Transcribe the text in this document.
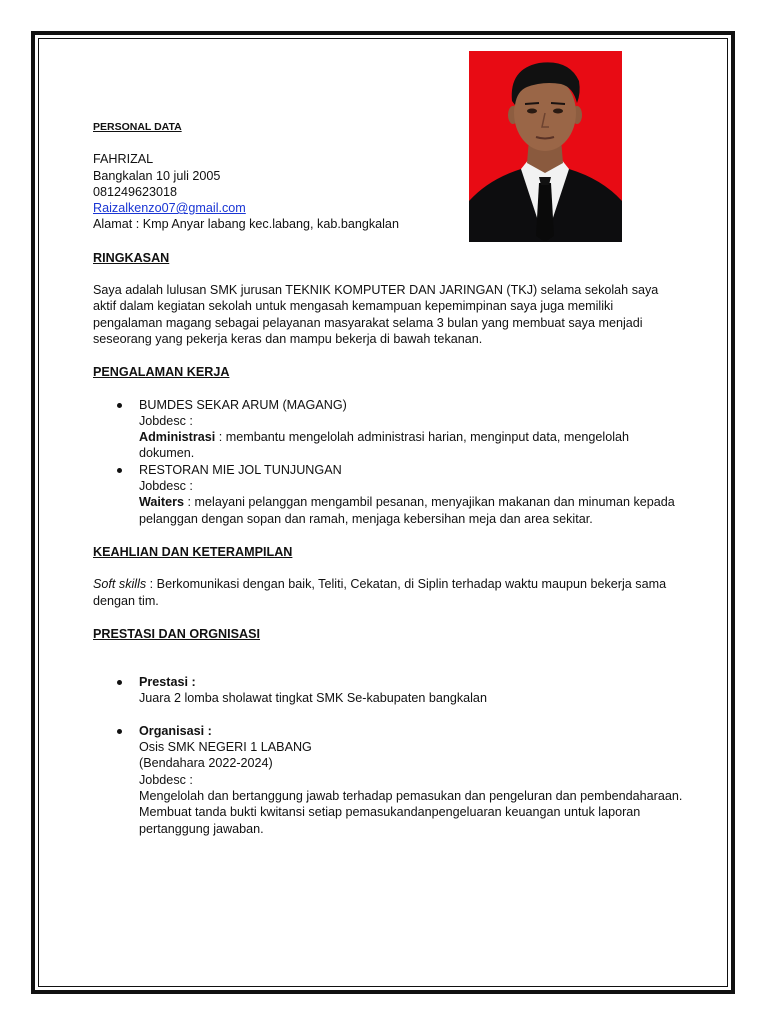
PERSONAL DATA
FAHRIZAL
Bangkalan 10 juli 2005
081249623018
Raizalkenzo07@gmail.com
Alamat : Kmp Anyar labang kec.labang, kab.bangkalan
RINGKASAN

Saya adalah lulusan SMK jurusan TEKNIK KOMPUTER DAN JARINGAN (TKJ) selama sekolah saya aktif dalam kegiatan sekolah untuk mengasah kemampuan kepemimpinan saya juga memiliki pengalaman magang sebagai pelayanan masyarakat selama 3 bulan yang membuat saya menjadi seseorang yang pekerja keras dan mampu bekerja di bawah tekanan.

PENGALAMAN KERJA
BUMDES SEKAR ARUM (MAGANG)
Jobdesc :
Administrasi : membantu mengelolah administrasi harian, menginput data, mengelolah dokumen.
RESTORAN MIE JOL TUNJUNGAN
Jobdesc :
Waiters : melayani pelanggan mengambil pesanan, menyajikan makanan dan minuman kepada pelanggan dengan sopan dan ramah, menjaga kebersihan meja dan area sekitar.
KEAHLIAN DAN KETERAMPILAN

Soft skills : Berkomunikasi dengan baik, Teliti, Cekatan, di Siplin terhadap waktu maupun bekerja sama dengan tim.

PRESTASI DAN ORGNISASI
Prestasi :
Juara 2 lomba sholawat tingkat SMK Se-kabupaten bangkalan
Organisasi :
Osis SMK NEGERI 1 LABANG
(Bendahara 2022-2024)
Jobdesc :
Mengelolah dan bertanggung jawab terhadap pemasukan dan pengeluran dan pembendaharaan.
Membuat tanda bukti kwitansi setiap pemasukandanpengeluaran keuangan untuk laporan pertanggung jawaban.
